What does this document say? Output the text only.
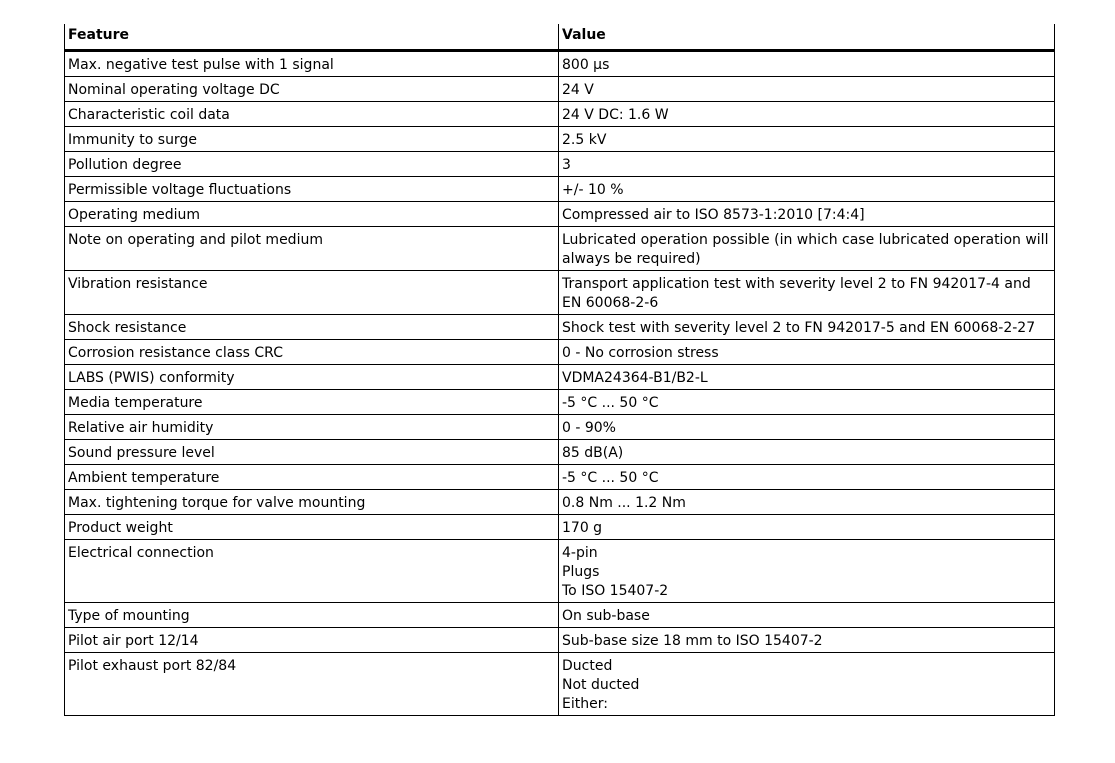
Feature	Value
Max. negative test pulse with 1 signal	800 µs

Nominal operating voltage DC	24 V

Characteristic coil data	24 V DC: 1.6 W

Immunity to surge	2.5 kV

Pollution degree	3

Permissible voltage fluctuations	+/- 10 %

Operating medium	Compressed air to ISO 8573-1:2010 [7:4:4]

Note on operating and pilot medium	Lubricated operation possible (in which case lubricated operation will always be required)

Vibration resistance	Transport application test with severity level 2 to FN 942017-4 and EN 60068-2-6

Shock resistance	Shock test with severity level 2 to FN 942017-5 and EN 60068-2-27

Corrosion resistance class CRC	0 - No corrosion stress

LABS (PWIS) conformity	VDMA24364-B1/B2-L

Media temperature	-5 °C ... 50 °C

Relative air humidity	0 - 90%

Sound pressure level	85 dB(A)

Ambient temperature	-5 °C ... 50 °C

Max. tightening torque for valve mounting	0.8 Nm ... 1.2 Nm

Product weight	170 g

Electrical connection	4-pin
Plugs
To ISO 15407-2

Type of mounting	On sub-base

Pilot air port 12/14	Sub-base size 18 mm to ISO 15407-2

Pilot exhaust port 82/84	Ducted
Not ducted
Either:
